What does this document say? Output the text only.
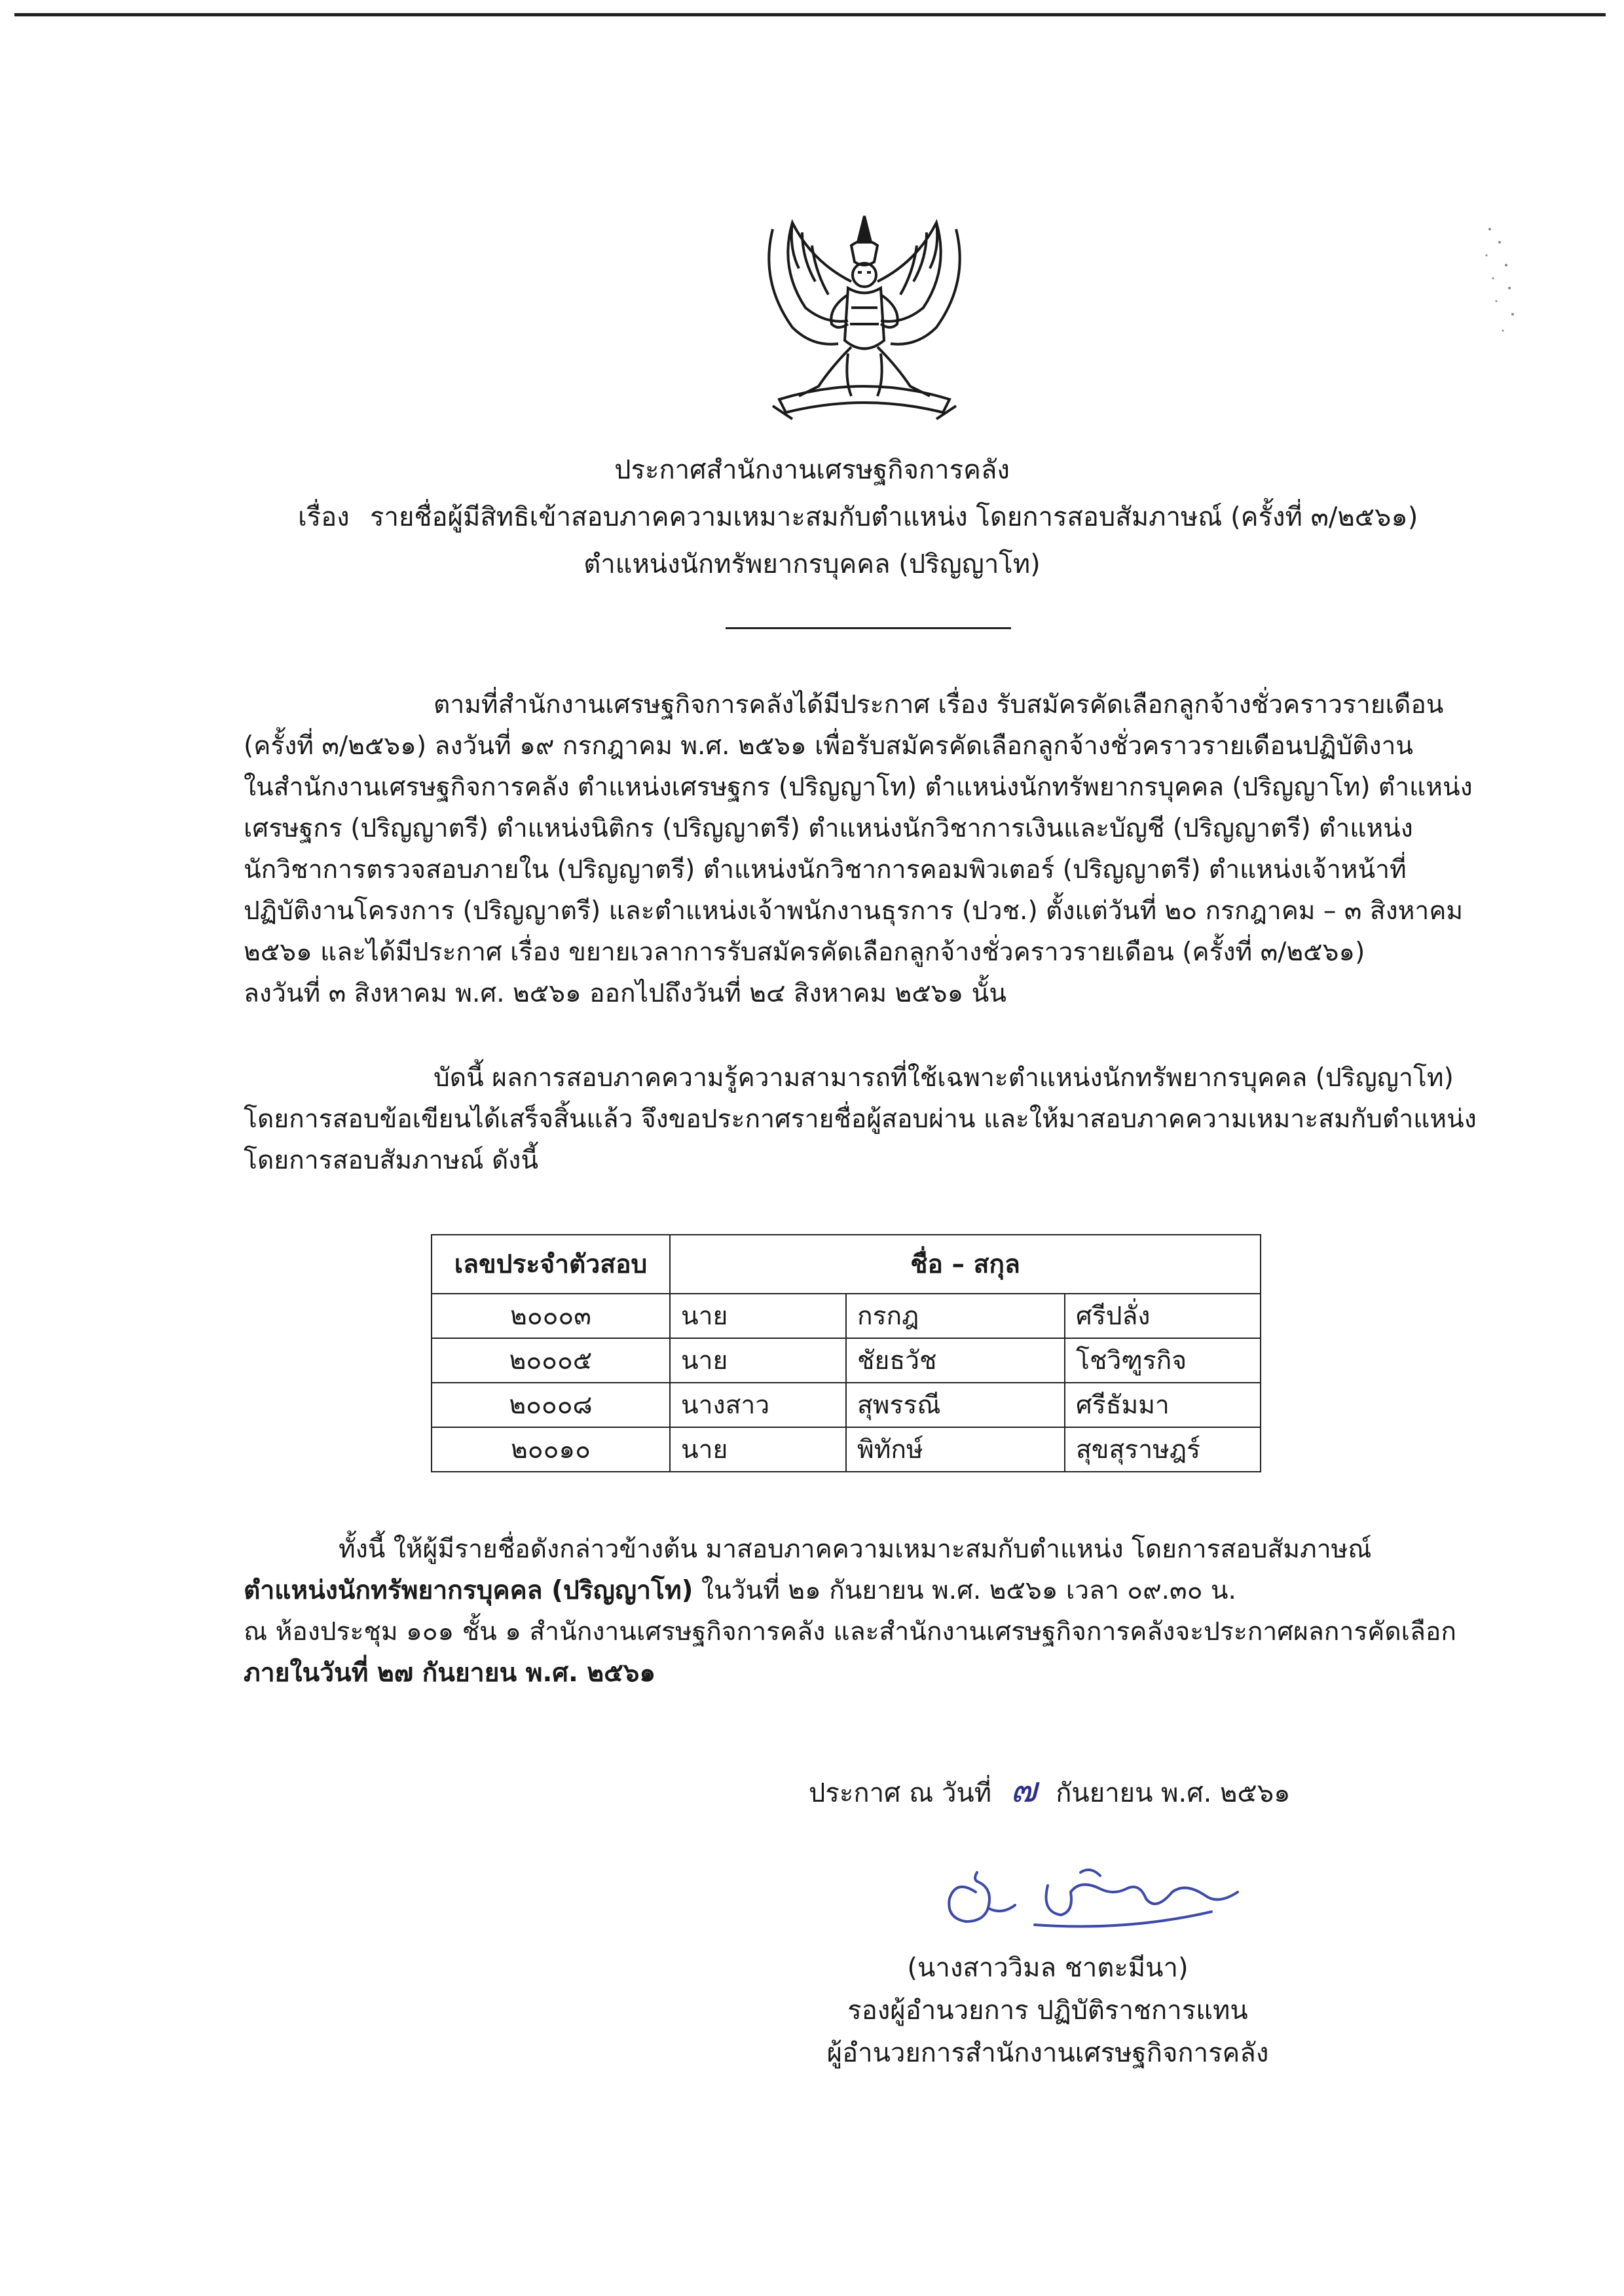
ประกาศสำนักงานเศรษฐกิจการคลัง
เรื่อง รายชื่อผู้มีสิทธิเข้าสอบภาคความเหมาะสมกับตำแหน่ง โดยการสอบสัมภาษณ์ (ครั้งที่ ๓/๒๕๖๑)
ตำแหน่งนักทรัพยากรบุคคล (ปริญญาโท)
ตามที่สำนักงานเศรษฐกิจการคลังได้มีประกาศ เรื่อง รับสมัครคัดเลือกลูกจ้างชั่วคราวรายเดือน
(ครั้งที่ ๓/๒๕๖๑) ลงวันที่ ๑๙ กรกฎาคม พ.ศ. ๒๕๖๑ เพื่อรับสมัครคัดเลือกลูกจ้างชั่วคราวรายเดือนปฏิบัติงาน
ในสำนักงานเศรษฐกิจการคลัง ตำแหน่งเศรษฐกร (ปริญญาโท) ตำแหน่งนักทรัพยากรบุคคล (ปริญญาโท) ตำแหน่ง
เศรษฐกร (ปริญญาตรี) ตำแหน่งนิติกร (ปริญญาตรี) ตำแหน่งนักวิชาการเงินและบัญชี (ปริญญาตรี) ตำแหน่ง
นักวิชาการตรวจสอบภายใน (ปริญญาตรี) ตำแหน่งนักวิชาการคอมพิวเตอร์ (ปริญญาตรี) ตำแหน่งเจ้าหน้าที่
ปฏิบัติงานโครงการ (ปริญญาตรี) และตำแหน่งเจ้าพนักงานธุรการ (ปวช.) ตั้งแต่วันที่ ๒๐ กรกฎาคม – ๓ สิงหาคม
๒๕๖๑ และได้มีประกาศ เรื่อง ขยายเวลาการรับสมัครคัดเลือกลูกจ้างชั่วคราวรายเดือน (ครั้งที่ ๓/๒๕๖๑)
ลงวันที่ ๓ สิงหาคม พ.ศ. ๒๕๖๑ ออกไปถึงวันที่ ๒๔ สิงหาคม ๒๕๖๑ นั้น
บัดนี้ ผลการสอบภาคความรู้ความสามารถที่ใช้เฉพาะตำแหน่งนักทรัพยากรบุคคล (ปริญญาโท)
โดยการสอบข้อเขียนได้เสร็จสิ้นแล้ว จึงขอประกาศรายชื่อผู้สอบผ่าน และให้มาสอบภาคความเหมาะสมกับตำแหน่ง
โดยการสอบสัมภาษณ์ ดังนี้
เลขประจำตัวสอบ	ชื่อ – สกุล		
๒๐๐๐๓	นาย	กรกฎ	ศรีปลั่ง
๒๐๐๐๕	นาย	ชัยธวัช	โชวิฑูรกิจ
๒๐๐๐๘	นางสาว	สุพรรณี	ศรีธัมมา
๒๐๐๑๐	นาย	พิทักษ์	สุขสุราษฎร์
ทั้งนี้ ให้ผู้มีรายชื่อดังกล่าวข้างต้น มาสอบภาคความเหมาะสมกับตำแหน่ง โดยการสอบสัมภาษณ์
ตำแหน่งนักทรัพยากรบุคคล (ปริญญาโท) ในวันที่ ๒๑ กันยายน พ.ศ. ๒๕๖๑ เวลา ๐๙.๓๐ น.
ณ ห้องประชุม ๑๐๑ ชั้น ๑ สำนักงานเศรษฐกิจการคลัง และสำนักงานเศรษฐกิจการคลังจะประกาศผลการคัดเลือก
ภายในวันที่ ๒๗ กันยายน พ.ศ. ๒๕๖๑
ประกาศ ณ วันที่ ๗ กันยายน พ.ศ. ๒๕๖๑
(นางสาววิมล ชาตะมีนา)
รองผู้อำนวยการ ปฏิบัติราชการแทน
ผู้อำนวยการสำนักงานเศรษฐกิจการคลัง
